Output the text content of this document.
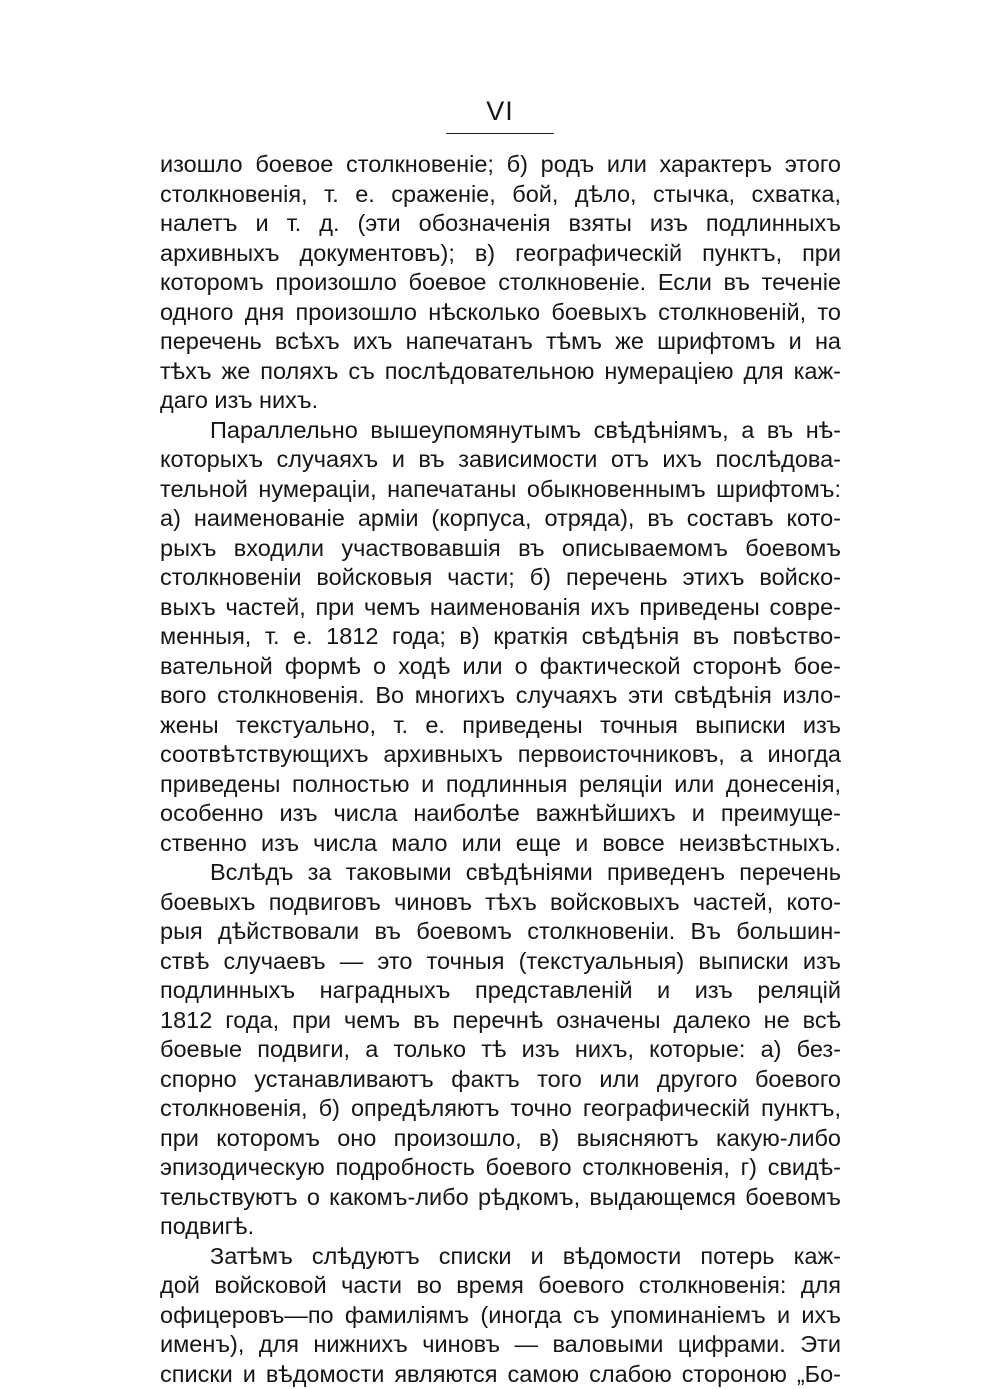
VI
изошло боевое столкновенiе; б) родъ или характеръ этого
столкновенiя, т. е. сраженiе, бой, дѣло, стычка, схватка,
налетъ и т. д. (эти обозначенiя взяты изъ подлинныхъ
архивныхъ документовъ); в) географическiй пунктъ, при
которомъ произошло боевое столкновенiе. Если въ теченiе
одного дня произошло нѣсколько боевыхъ столкновенiй, то
перечень всѣхъ ихъ напечатанъ тѣмъ же шрифтомъ и на
тѣхъ же поляхъ съ послѣдовательною нумерацiею для каж-
даго изъ нихъ.
Параллельно вышеупомянутымъ свѣдѣнiямъ, а въ нѣ-
которыхъ случаяхъ и въ зависимости отъ ихъ послѣдова-
тельной нумерацiи, напечатаны обыкновеннымъ шрифтомъ:
а) наименованiе армiи (корпуса, отряда), въ составъ кото-
рыхъ входили участвовавшiя въ описываемомъ боевомъ
столкновенiи войсковыя части; б) перечень этихъ войско-
выхъ частей, при чемъ наименованiя ихъ приведены совре-
менныя, т. е. 1812 года; в) краткiя свѣдѣнiя въ повѣство-
вательной формѣ о ходѣ или о фактической сторонѣ бое-
вого столкновенiя. Во многихъ случаяхъ эти свѣдѣнiя изло-
жены текстуально, т. е. приведены точныя выписки изъ
соотвѣтствующихъ архивныхъ первоисточниковъ, а иногда
приведены полностью и подлинныя реляцiи или донесенiя,
особенно изъ числа наиболѣе важнѣйшихъ и преимуще-
ственно изъ числа мало или еще и вовсе неизвѣстныхъ.
Вслѣдъ за таковыми свѣдѣнiями приведенъ перечень
боевыхъ подвиговъ чиновъ тѣхъ войсковыхъ частей, кото-
рыя дѣйствовали въ боевомъ столкновенiи. Въ большин-
ствѣ случаевъ — это точныя (текстуальныя) выписки изъ
подлинныхъ наградныхъ представленiй и изъ реляцiй
1812 года, при чемъ въ перечнѣ означены далеко не всѣ
боевые подвиги, а только тѣ изъ нихъ, которые: а) без-
спорно устанавливаютъ фактъ того или другого боевого
столкновенiя, б) опредѣляютъ точно географическiй пунктъ,
при которомъ оно произошло, в) выясняютъ какую-либо
эпизодическую подробность боевого столкновенiя, г) свидѣ-
тельствуютъ о какомъ-либо рѣдкомъ, выдающемся боевомъ
подвигѣ.
Затѣмъ слѣдуютъ списки и вѣдомости потерь каж-
дой войсковой части во время боевого столкновенiя: для
офицеровъ—по фамилiямъ (иногда съ упоминанiемъ и ихъ
именъ), для нижнихъ чиновъ — валовыми цифрами. Эти
списки и вѣдомости являются самою слабою стороною „Бо-
